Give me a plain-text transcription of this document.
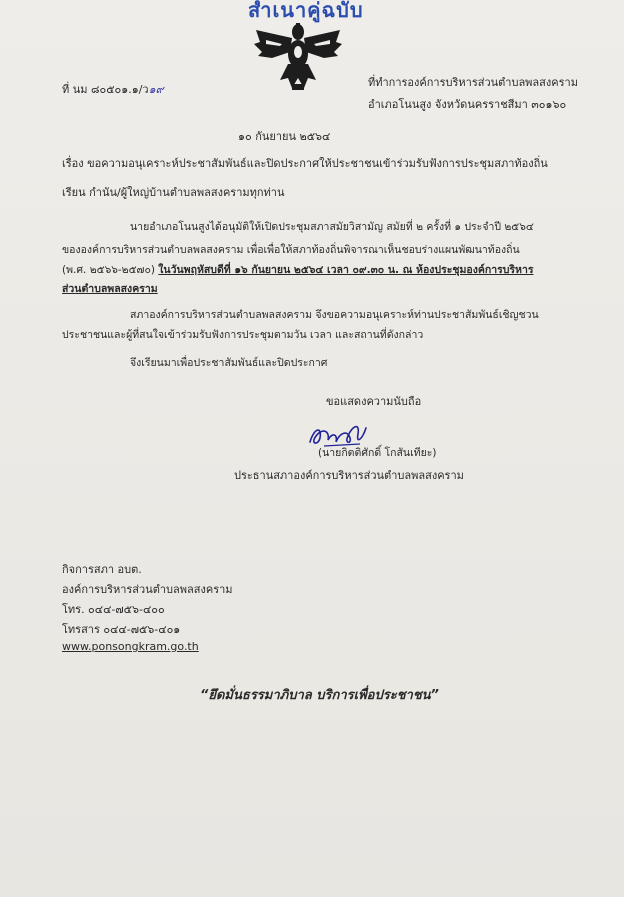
สำเนาคู่ฉบับ
ที่ นม ๘๐๕๐๑.๑/ว๑๙
ที่ทำการองค์การบริหารส่วนตำบลพลสงคราม
อำเภอโนนสูง จังหวัดนครราชสีมา ๓๐๑๖๐
๑๐ กันยายน ๒๕๖๔
เรื่อง ขอความอนุเคราะห์ประชาสัมพันธ์และปิดประกาศให้ประชาชนเข้าร่วมรับฟังการประชุมสภาท้องถิ่น
เรียน กำนัน/ผู้ใหญ่บ้านตำบลพลสงครามทุกท่าน
นายอำเภอโนนสูงได้อนุมัติให้เปิดประชุมสภาสมัยวิสามัญ สมัยที่ ๒ ครั้งที่ ๑ ประจำปี ๒๕๖๔
ขององค์การบริหารส่วนตำบลพลสงคราม เพื่อเพื่อให้สภาท้องถิ่นพิจารณาเห็นชอบร่างแผนพัฒนาท้องถิ่น
(พ.ศ. ๒๕๖๖-๒๕๗๐) ในวันพฤหัสบดีที่ ๑๖ กันยายน ๒๕๖๔ เวลา ๐๙.๓๐ น. ณ ห้องประชุมองค์การบริหาร
ส่วนตำบลพลสงคราม
สภาองค์การบริหารส่วนตำบลพลสงคราม จึงขอความอนุเคราะห์ท่านประชาสัมพันธ์เชิญชวน
ประชาชนและผู้ที่สนใจเข้าร่วมรับฟังการประชุมตามวัน เวลา และสถานที่ดังกล่าว
จึงเรียนมาเพื่อประชาสัมพันธ์และปิดประกาศ
ขอแสดงความนับถือ
(นายกิตติศักดิ์ โกสันเทียะ)
ประธานสภาองค์การบริหารส่วนตำบลพลสงคราม
กิจการสภา อบต.
องค์การบริหารส่วนตำบลพลสงคราม
โทร. ๐๔๔-๗๕๖-๔๐๐
โทรสาร ๐๔๔-๗๕๖-๔๐๑
www.ponsongkram.go.th
“ยึดมั่นธรรมาภิบาล บริการเพื่อประชาชน”
